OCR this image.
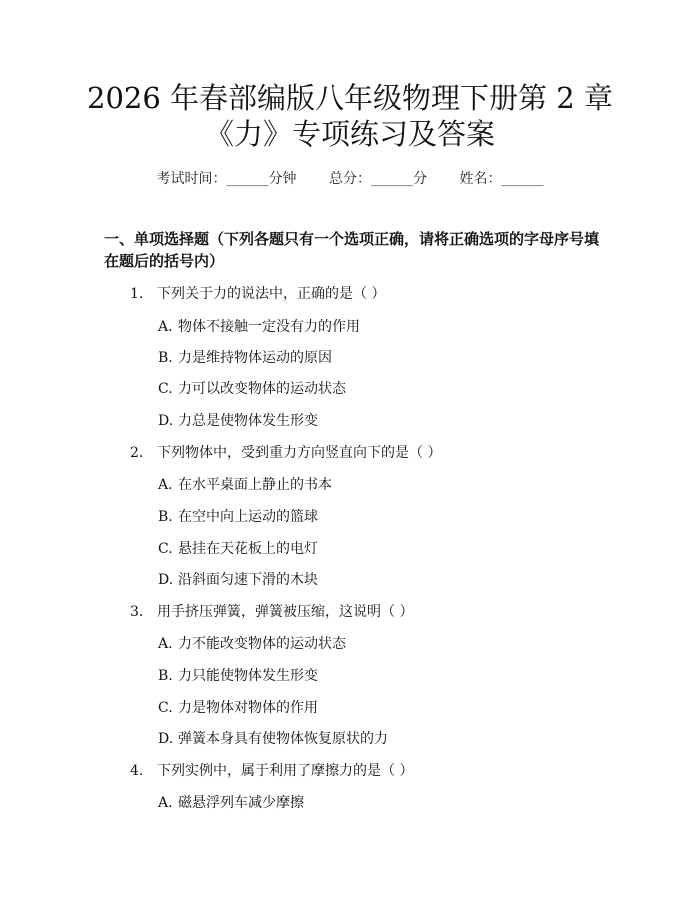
2026 年春部编版八年级物理下册第 2 章
《力》专项练习及答案
考试时间：______分钟 总分：______分 姓名：______
一、单项选择题（下列各题只有一个选项正确，请将正确选项的字母序号填在题后的括号内）
1. 下列关于力的说法中，正确的是（ ）
A. 物体不接触一定没有力的作用
B. 力是维持物体运动的原因
C. 力可以改变物体的运动状态
D. 力总是使物体发生形变
2. 下列物体中，受到重力方向竖直向下的是（ ）
A. 在水平桌面上静止的书本
B. 在空中向上运动的篮球
C. 悬挂在天花板上的电灯
D. 沿斜面匀速下滑的木块
3. 用手挤压弹簧，弹簧被压缩，这说明（ ）
A. 力不能改变物体的运动状态
B. 力只能使物体发生形变
C. 力是物体对物体的作用
D. 弹簧本身具有使物体恢复原状的力
4. 下列实例中，属于利用了摩擦力的是（ ）
A. 磁悬浮列车减少摩擦
